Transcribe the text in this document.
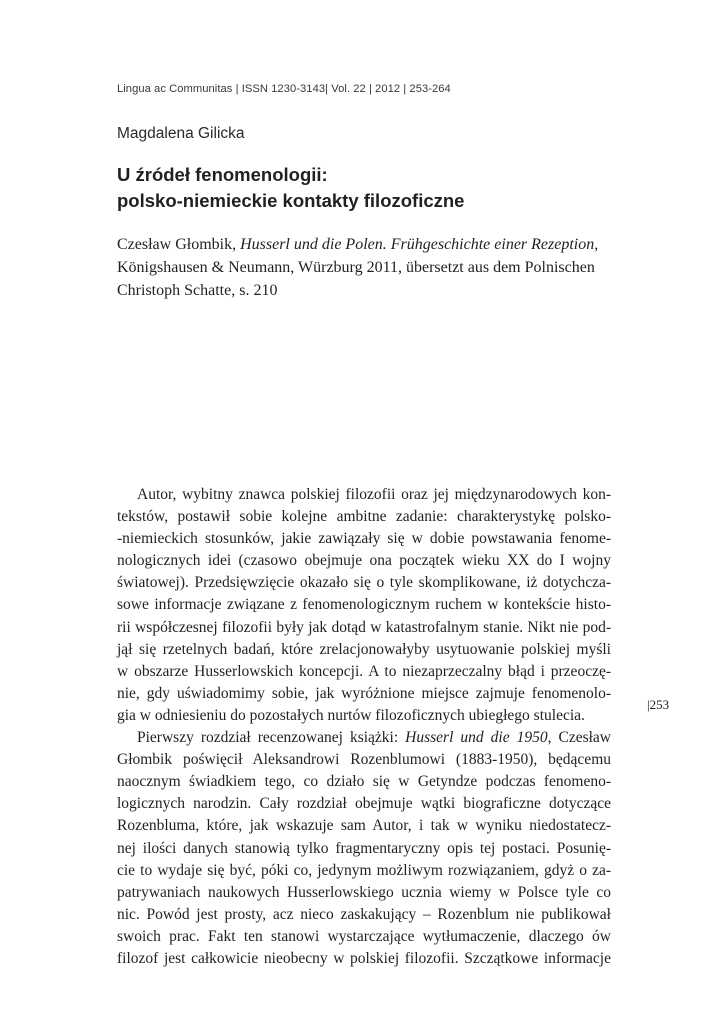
Lingua ac Communitas | ISSN 1230-3143| Vol. 22 | 2012 | 253-264
Magdalena Gilicka
U źródeł fenomenologii:
polsko-niemieckie kontakty filozoficzne
Czesław Głombik, Husserl und die Polen. Frühgeschichte einer Rezeption,
Königshausen & Neumann, Würzburg 2011, übersetzt aus dem Polnischen
Christoph Schatte, s. 210
Autor, wybitny znawca polskiej filozofii oraz jej międzynarodowych kon-
tekstów, postawił sobie kolejne ambitne zadanie: charakterystykę polsko-
-niemieckich stosunków, jakie zawiązały się w dobie powstawania fenome-
nologicznych idei (czasowo obejmuje ona początek wieku XX do I wojny
światowej). Przedsięwzięcie okazało się o tyle skomplikowane, iż dotychcza-
sowe informacje związane z fenomenologicznym ruchem w kontekście histo-
rii współczesnej filozofii były jak dotąd w katastrofalnym stanie. Nikt nie pod-
jął się rzetelnych badań, które zrelacjonowałyby usytuowanie polskiej myśli
w obszarze Husserlowskich koncepcji. A to niezaprzeczalny błąd i przeoczę-
nie, gdy uświadomimy sobie, jak wyróżnione miejsce zajmuje fenomenolo-
gia w odniesieniu do pozostałych nurtów filozoficznych ubiegłego stulecia.
Pierwszy rozdział recenzowanej książki: Husserl und die 1950, Czesław
Głombik poświęcił Aleksandrowi Rozenblumowi (1883-1950), będącemu
naocznym świadkiem tego, co działo się w Getyndze podczas fenomeno-
logicznych narodzin. Cały rozdział obejmuje wątki biograficzne dotyczące
Rozenbluma, które, jak wskazuje sam Autor, i tak w wyniku niedostatecz-
nej ilości danych stanowią tylko fragmentaryczny opis tej postaci. Posunię-
cie to wydaje się być, póki co, jedynym możliwym rozwiązaniem, gdyż o za-
patrywaniach naukowych Husserlowskiego ucznia wiemy w Polsce tyle co
nic. Powód jest prosty, acz nieco zaskakujący – Rozenblum nie publikował
swoich prac. Fakt ten stanowi wystarczające wytłumaczenie, dlaczego ów
filozof jest całkowicie nieobecny w polskiej filozofii. Szczątkowe informacje
|253
